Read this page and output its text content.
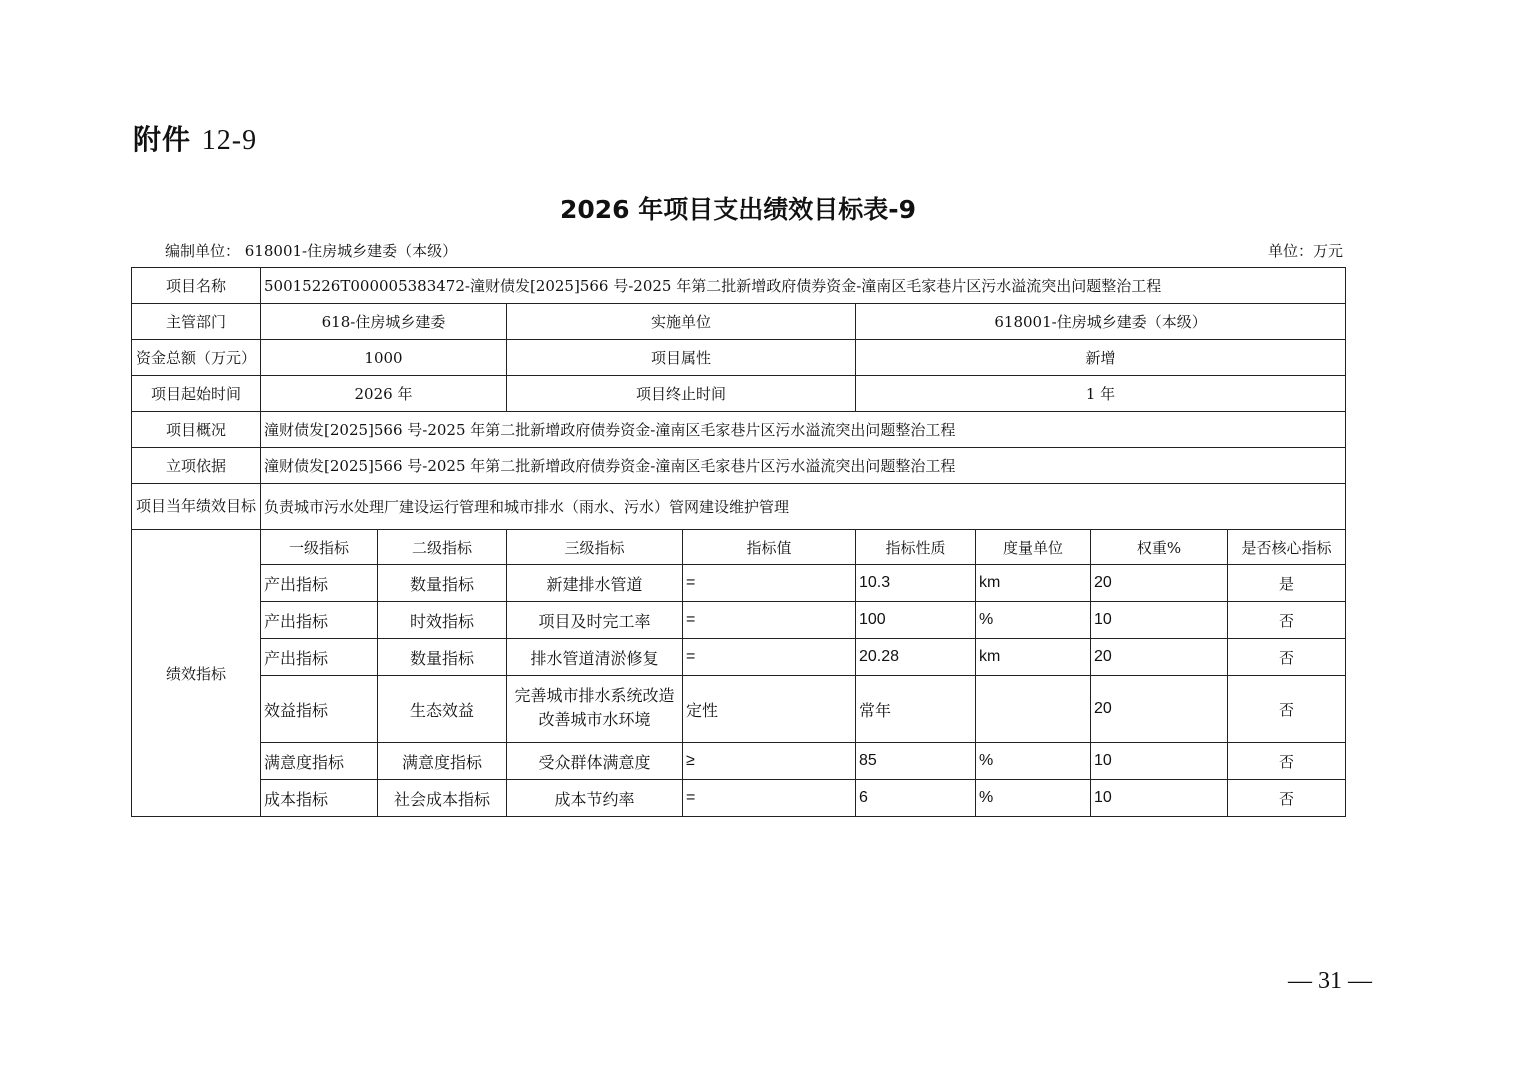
附件 12-9
2026 年项目支出绩效目标表-9
编制单位： 618001-住房城乡建委（本级）	单位：万元
项目名称	50015226T000005383472-潼财债发[2025]566 号-2025 年第二批新增政府债券资金-潼南区毛家巷片区污水溢流突出问题整治工程							
主管部门	618-住房城乡建委		实施单位		618001-住房城乡建委（本级）			
资金总额（万元）	1000		项目属性		新增			
项目起始时间	2026 年		项目终止时间		1 年			
项目概况	潼财债发[2025]566 号-2025 年第二批新增政府债券资金-潼南区毛家巷片区污水溢流突出问题整治工程							
立项依据	潼财债发[2025]566 号-2025 年第二批新增政府债券资金-潼南区毛家巷片区污水溢流突出问题整治工程							
项目当年绩效目标	负责城市污水处理厂建设运行管理和城市排水（雨水、污水）管网建设维护管理							
绩效指标	一级指标	二级指标	三级指标	指标值	指标性质	度量单位	权重%	是否核心指标
	产出指标	数量指标	新建排水管道	=	10.3	km	20	是
	产出指标	时效指标	项目及时完工率	=	100	%	10	否
	产出指标	数量指标	排水管道清淤修复	=	20.28	km	20	否
	效益指标	生态效益	完善城市排水系统改造改善城市水环境	定性	常年		20	否
	满意度指标	满意度指标	受众群体满意度	≥	85	%	10	否
	成本指标	社会成本指标	成本节约率	=	6	%	10	否
— 31 —
